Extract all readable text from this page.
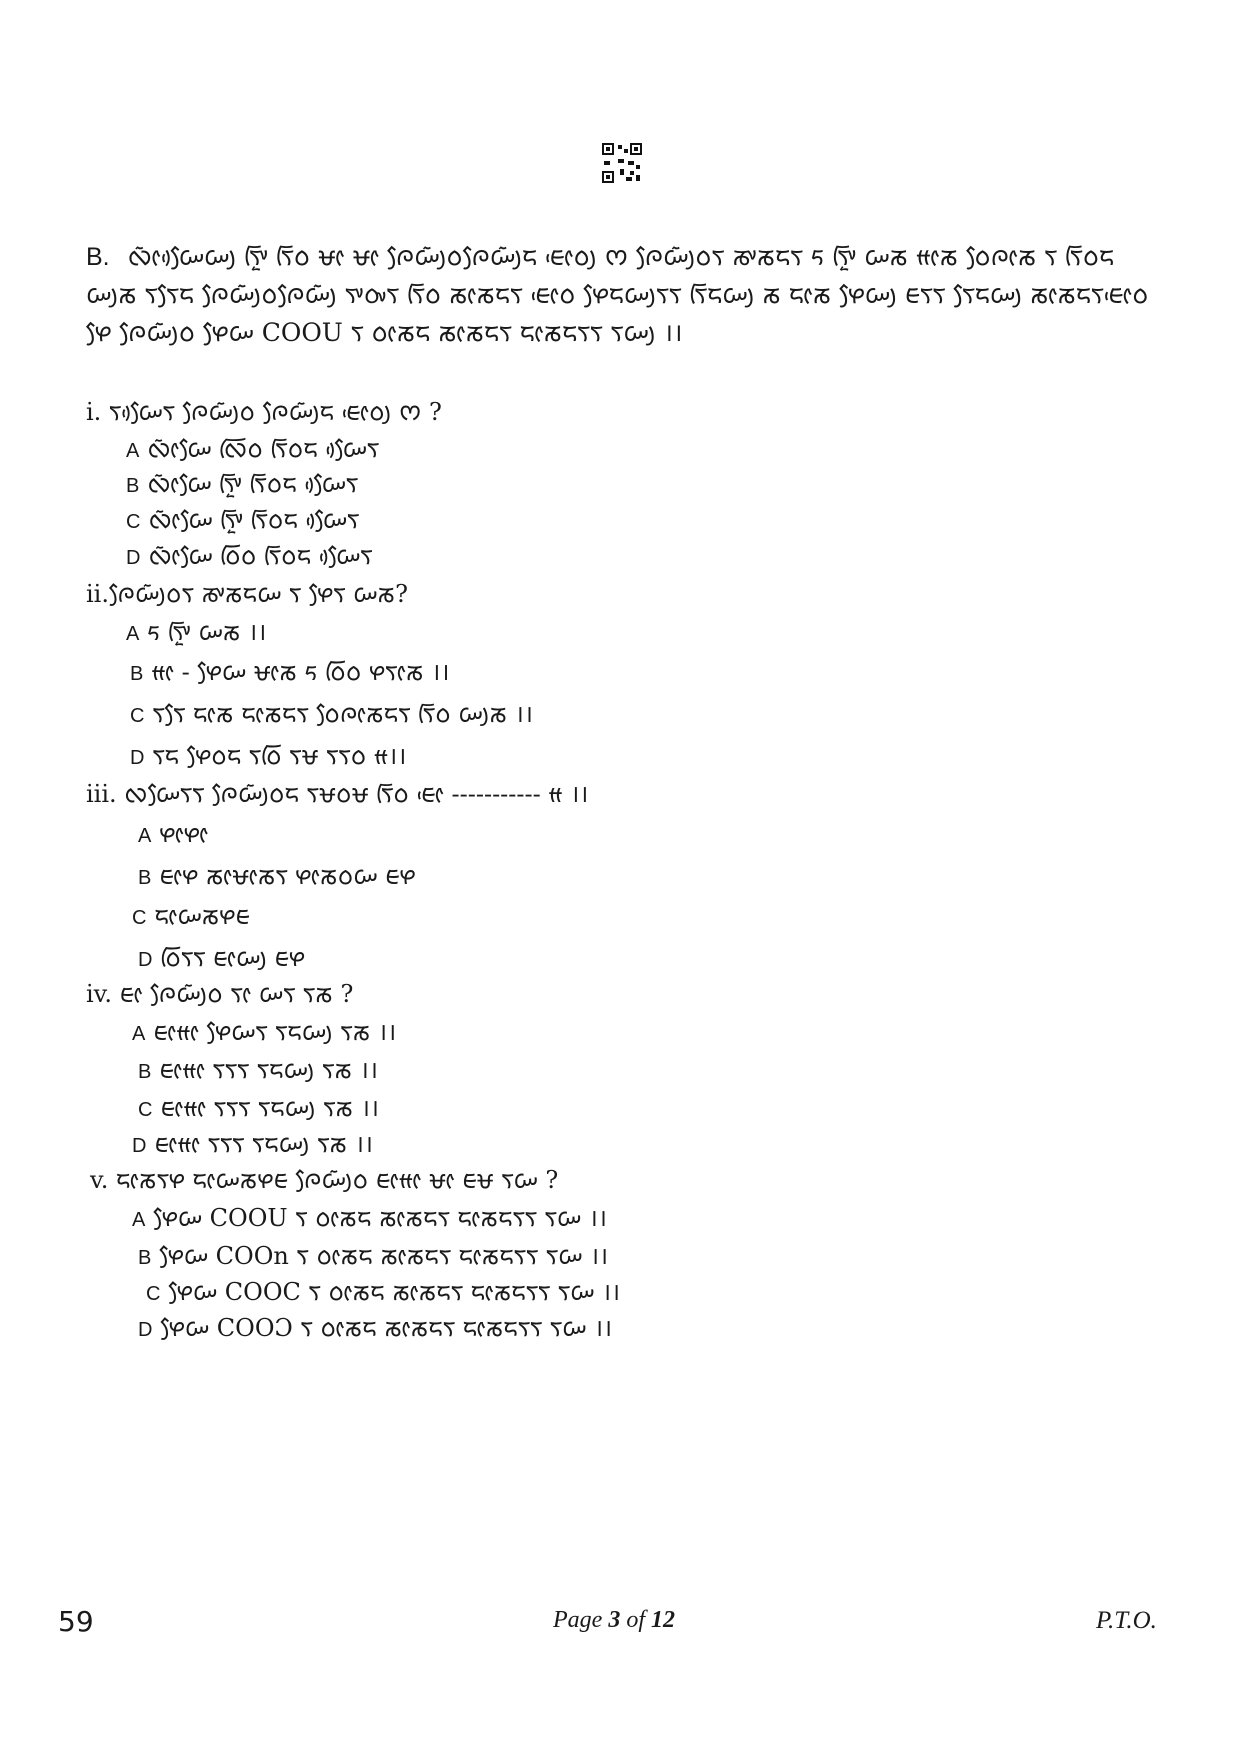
B. ᰜᰦᰶᰠᰧᰴᰠᰪ ᰛᰤᰩᰬ ᰛᰩᰓ ᰝᰦ ᰝᰦ ᰍᰧᰠᰪᰶᰓᰍᰧᰠᰪᰶᰏ ᰀᰦᰵᰓᰪ ᰔ ᰍᰧᰠᰪᰶᰓᰛ ᰕᰤᰕᰏᰛ ᰁ ᰛᰤᰩᰬ ᰠᰕ ᰙᰦᰕ ᰓᰧᰍᰦᰕ ᰛ ᰛᰩᰓᰏ ᰠᰪᰕ ᰛᰛᰧᰏ ᰍᰧᰠᰪᰶᰓᰍᰧᰠᰪᰶ ᰛᰤᰓᰤᰛ ᰛᰩᰓ ᰕᰦᰕᰏᰛ ᰀᰦᰵᰓ ᰋᰧᰏᰠᰪᰛᰛ ᰛᰩᰏᰠᰪ ᰕ ᰏᰦᰕ ᰋᰧᰠᰪ ᰀᰛᰛ ᰛᰧᰏᰠᰪ ᰕᰦᰕᰏᰛᰀᰦᰵᰓ ᰋᰧ ᰍᰧᰠᰪᰶᰓ ᰋᰧᰠ COOU ᰛ ᰓᰦᰕᰏ ᰕᰦᰕᰏᰛ ᰏᰦᰕᰏᰛᰛ ᰛᰠᰪ ।।
i. ᰛᰠᰧᰴᰛ ᰍᰧᰠᰪᰶᰓ ᰍᰧᰠᰪᰶᰏ ᰀᰦᰵᰓᰪ ᰔ ?
A ᰜᰦᰶᰠᰧ ᰜᰩᰓ ᰛᰩᰓᰏ ᰠᰧᰴᰛ
B ᰜᰦᰶᰠᰧ ᰛᰤᰩᰬ ᰛᰩᰓᰏ ᰠᰧᰴᰛ
C ᰜᰦᰶᰠᰧ ᰛᰤᰩᰬ ᰛᰩᰓᰏ ᰠᰧᰴᰛ
D ᰜᰦᰶᰠᰧ ᰓᰩᰓ ᰛᰩᰓᰏ ᰠᰧᰴᰛ
ii.ᰍᰧᰠᰪᰶᰓᰛ ᰕᰤᰕᰏᰠ ᰛ ᰋᰧᰛ ᰠᰕ?
A ᰁ ᰛᰤᰩᰬ ᰠᰕ ।।
B ᰙᰦ - ᰋᰧᰠ ᰝᰦᰕ ᰁ ᰓᰩᰓ ᰋᰛᰦᰕ ।।
C ᰛᰛᰧ ᰏᰦᰕ ᰏᰦᰕᰏᰛ ᰓᰧᰍᰦᰕᰏᰛ ᰛᰩᰓ ᰠᰪᰕ ।।
D ᰛᰏ ᰋᰧᰓᰏ ᰛᰓᰩ ᰛᰝ ᰛᰛᰓ ᰙ।।
iii. ᰜᰠᰧᰛᰛ ᰍᰧᰠᰪᰶᰓᰏ ᰛᰝᰓᰝ ᰛᰩᰓ ᰀᰦᰵ ----------- ᰙ ।।
A ᰋᰦᰋᰦ
B ᰀᰦᰋ ᰕᰦᰝᰦᰕᰛ ᰋᰦᰕᰓᰠ ᰀᰋ
C ᰏᰦᰠᰕᰋᰀ
D ᰓᰩᰛᰛ ᰀᰦᰠᰪ ᰀᰋ
iv. ᰀᰦ ᰍᰧᰠᰪᰶᰓ ᰛᰦ ᰠᰛ ᰛᰕ ?
A ᰀᰦᰙᰦ ᰋᰧᰠᰛ ᰛᰏᰠᰪ ᰛᰕ ।।
B ᰀᰦᰙᰦ ᰛᰛᰛ ᰛᰏᰠᰪ ᰛᰕ ।।
C ᰀᰦᰙᰦ ᰛᰛᰛ ᰛᰏᰠᰪ ᰛᰕ ।।
D ᰀᰦᰙᰦ ᰛᰛᰛ ᰛᰏᰠᰪ ᰛᰕ ।।
v. ᰏᰦᰕᰛᰋ ᰏᰦᰠᰕᰋᰀ ᰍᰧᰠᰪᰶᰓ ᰀᰦᰙᰦ ᰝᰦ ᰀᰝ ᰛᰠ ?
A ᰋᰧᰠ COOU ᰛ ᰓᰦᰕᰏ ᰕᰦᰕᰏᰛ ᰏᰦᰕᰏᰛᰛ ᰛᰠ ।।
B ᰋᰧᰠ COOn ᰛ ᰓᰦᰕᰏ ᰕᰦᰕᰏᰛ ᰏᰦᰕᰏᰛᰛ ᰛᰠ ।।
C ᰋᰧᰠ COOC ᰛ ᰓᰦᰕᰏ ᰕᰦᰕᰏᰛ ᰏᰦᰕᰏᰛᰛ ᰛᰠ ।।
D ᰋᰧᰠ COOƆ ᰛ ᰓᰦᰕᰏ ᰕᰦᰕᰏᰛ ᰏᰦᰕᰏᰛᰛ ᰛᰠ ।।
59	Page 3 of 12	P.T.O.
